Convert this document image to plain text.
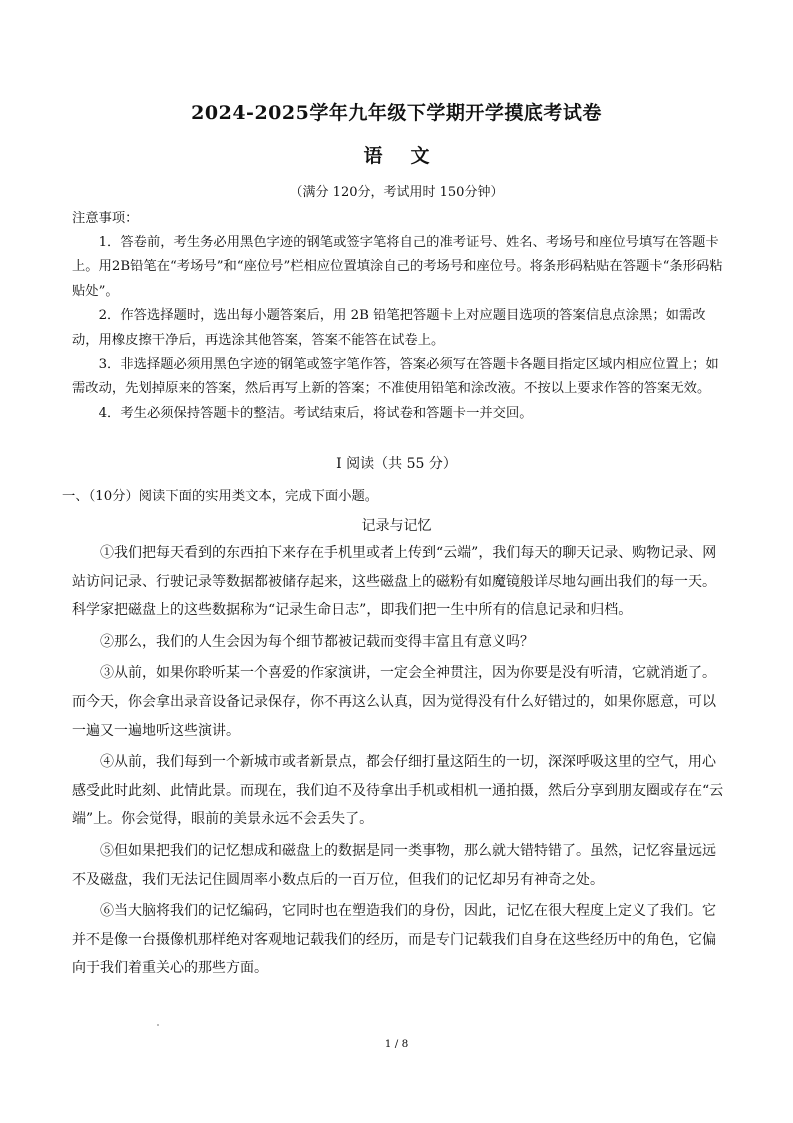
2024-2025学年九年级下学期开学摸底考试卷
语 文
（满分 120分，考试用时 150分钟）
注意事项：

1．答卷前，考生务必用黑色字迹的钢笔或签字笔将自己的准考证号、姓名、考场号和座位号填写在答题卡上。用2B铅笔在“考场号”和“座位号”栏相应位置填涂自己的考场号和座位号。将条形码粘贴在答题卡“条形码粘贴处”。

2．作答选择题时，选出每小题答案后，用 2B 铅笔把答题卡上对应题目选项的答案信息点涂黑；如需改动，用橡皮擦干净后，再选涂其他答案，答案不能答在试卷上。

3．非选择题必须用黑色字迹的钢笔或签字笔作答，答案必须写在答题卡各题目指定区域内相应位置上；如需改动，先划掉原来的答案，然后再写上新的答案；不准使用铅笔和涂改液。不按以上要求作答的答案无效。

4．考生必须保持答题卡的整洁。考试结束后，将试卷和答题卡一并交回。

I 阅读（共 55 分）
一、（10分）阅读下面的实用类文本，完成下面小题。
记录与记忆

①我们把每天看到的东西拍下来存在手机里或者上传到“云端”，我们每天的聊天记录、购物记录、网站访问记录、行驶记录等数据都被储存起来，这些磁盘上的磁粉有如魔镜般详尽地勾画出我们的每一天。科学家把磁盘上的这些数据称为“记录生命日志”，即我们把一生中所有的信息记录和归档。

②那么，我们的人生会因为每个细节都被记载而变得丰富且有意义吗？

③从前，如果你聆听某一个喜爱的作家演讲，一定会全神贯注，因为你要是没有听清，它就消逝了。而今天，你会拿出录音设备记录保存，你不再这么认真，因为觉得没有什么好错过的，如果你愿意，可以一遍又一遍地听这些演讲。

④从前，我们每到一个新城市或者新景点，都会仔细打量这陌生的一切，深深呼吸这里的空气，用心感受此时此刻、此情此景。而现在，我们迫不及待拿出手机或相机一通拍摄，然后分享到朋友圈或存在“云端”上。你会觉得，眼前的美景永远不会丢失了。

⑤但如果把我们的记忆想成和磁盘上的数据是同一类事物，那么就大错特错了。虽然，记忆容量远远不及磁盘，我们无法记住圆周率小数点后的一百万位，但我们的记忆却另有神奇之处。

⑥当大脑将我们的记忆编码，它同时也在塑造我们的身份，因此，记忆在很大程度上定义了我们。它并不是像一台摄像机那样绝对客观地记载我们的经历，而是专门记载我们自身在这些经历中的角色，它偏向于我们着重关心的那些方面。

1 / 8
